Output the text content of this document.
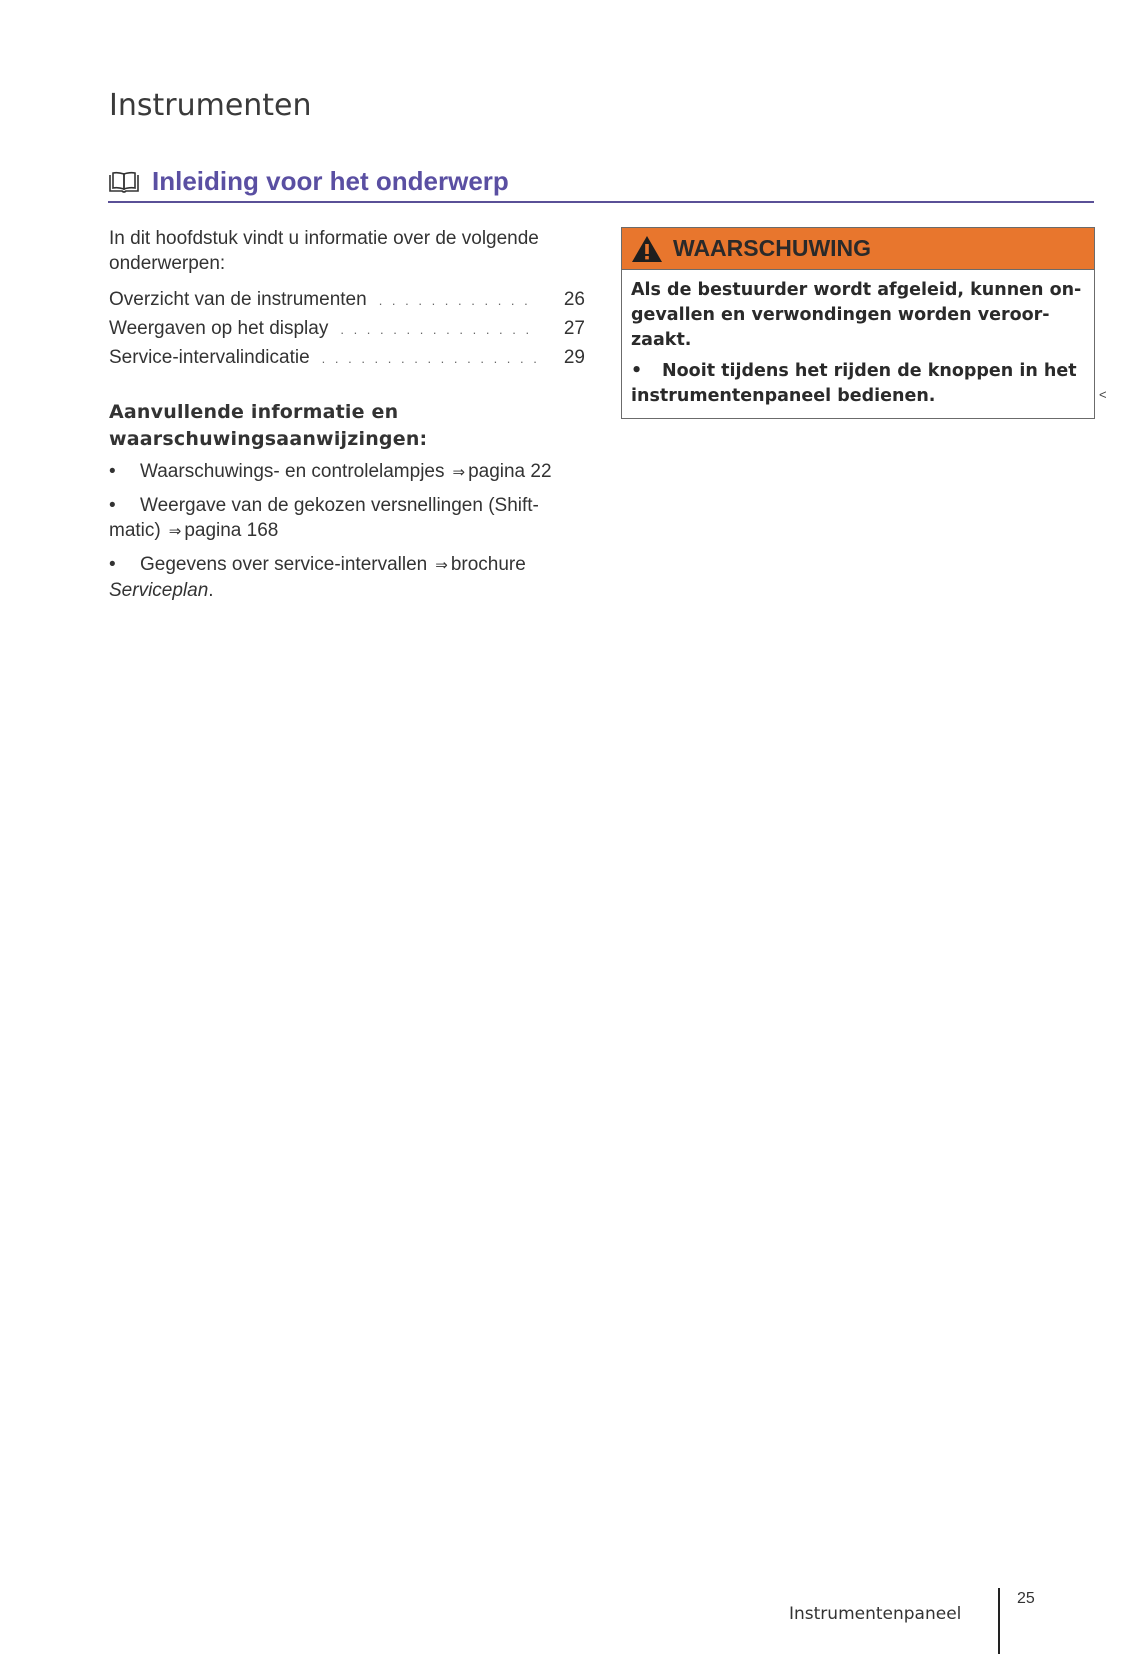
Instrumenten
Inleiding voor het onderwerp

In dit hoofdstuk vindt u informatie over de volgende onderwerpen:

Overzicht van de instrumenten . . .	26
Weergaven op het display . . .	27
Service-intervalindicatie . . .	29
Aanvullende informatie en waarschuwingsaanwijzingen:

• Waarschuwings- en controlelampjes ⇒ pagina 22

• Weergave van de gekozen versnellingen (Shift-matic) ⇒ pagina 168

• Gegevens over service-intervallen ⇒ brochure Serviceplan.

WAARSCHUWING

Als de bestuurder wordt afgeleid, kunnen on-gevallen en verwondingen worden veroor-zaakt.

• Nooit tijdens het rijden de knoppen in het instrumentenpaneel bedienen.	<
Instrumentenpaneel
25
